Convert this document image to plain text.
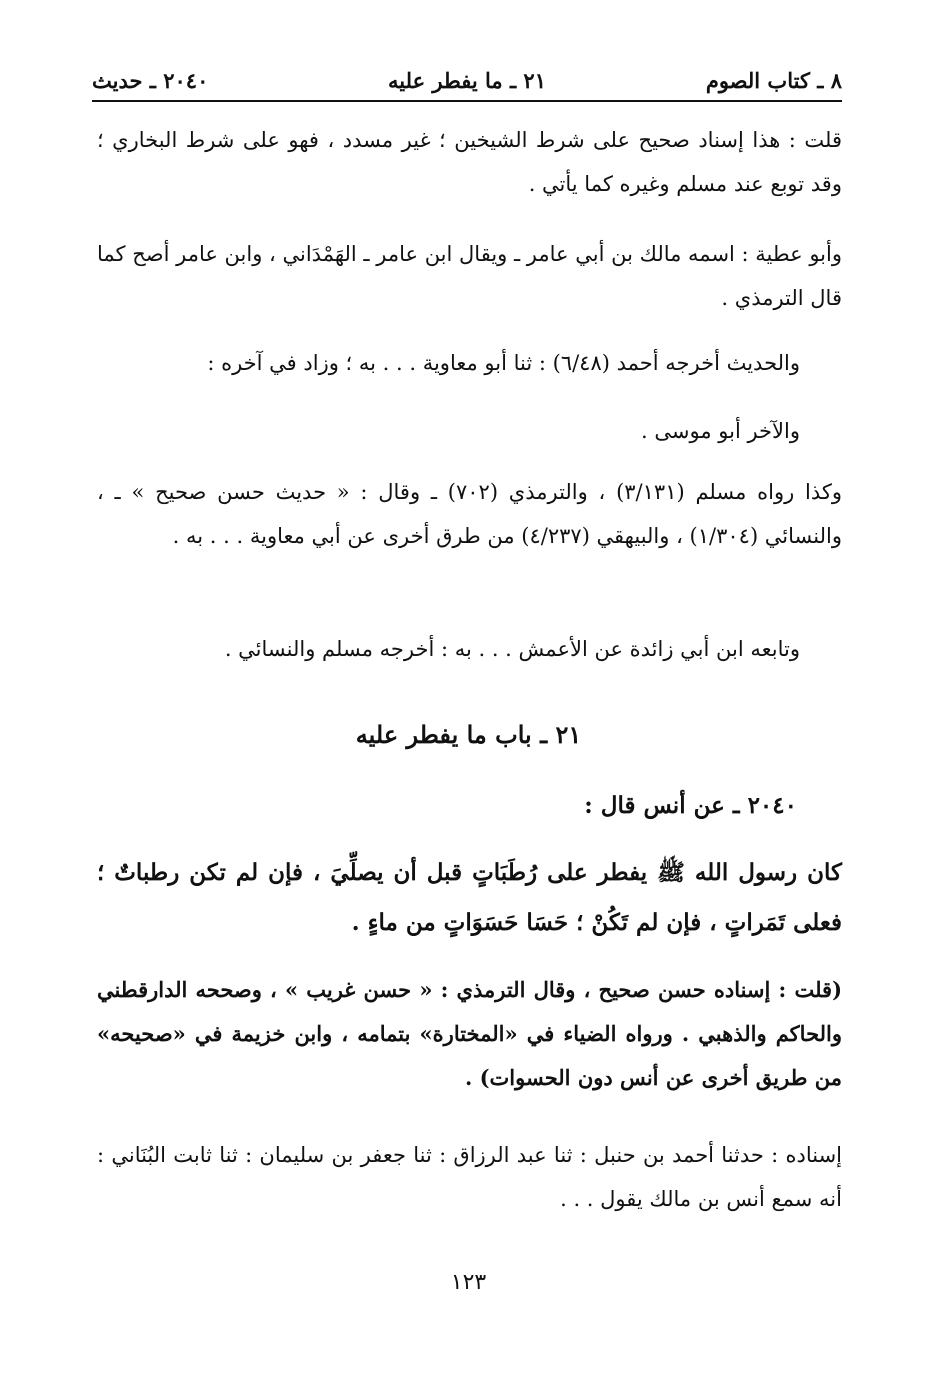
٨ ـ كتاب الصوم
٢١ ـ ما يفطر عليه
٢٠٤٠ ـ حديث

قلت : هذا إسناد صحيح على شرط الشيخين ؛ غير مسدد ، فهو على شرط البخاري ؛ وقد توبع عند مسلم وغيره كما يأتي .

وأبو عطية : اسمه مالك بن أبي عامر ـ ويقال ابن عامر ـ الهَمْدَاني ، وابن عامر أصح كما قال الترمذي .

والحديث أخرجه أحمد (٦/٤٨) : ثنا أبو معاوية . . . به ؛ وزاد في آخره :

والآخر أبو موسى .

وكذا رواه مسلم (٣/١٣١) ، والترمذي (٧٠٢) ـ وقال : « حديث حسن صحيح » ـ ، والنسائي (١/٣٠٤) ، والبيهقي (٤/٢٣٧) من طرق أخرى عن أبي معاوية . . . به .

وتابعه ابن أبي زائدة عن الأعمش . . . به : أخرجه مسلم والنسائي .

٢١ ـ باب ما يفطر عليه
٢٠٤٠ ـ عن أنس قال :

كان رسول الله ﷺ يفطر على رُطَبَاتٍ قبل أن يصلِّيَ ، فإن لم تكن رطباتٌ ؛ فعلى تَمَراتٍ ، فإن لم تَكُنْ ؛ حَسَا حَسَوَاتٍ من ماءٍ .

(قلت : إسناده حسن صحيح ، وقال الترمذي : « حسن غريب » ، وصححه الدارقطني والحاكم والذهبي . ورواه الضياء في «المختارة» بتمامه ، وابن خزيمة في «صحيحه» من طريق أخرى عن أنس دون الحسوات) .

إسناده : حدثنا أحمد بن حنبل : ثنا عبد الرزاق : ثنا جعفر بن سليمان : ثنا ثابت البُنَاني : أنه سمع أنس بن مالك يقول . . .

١٢٣
